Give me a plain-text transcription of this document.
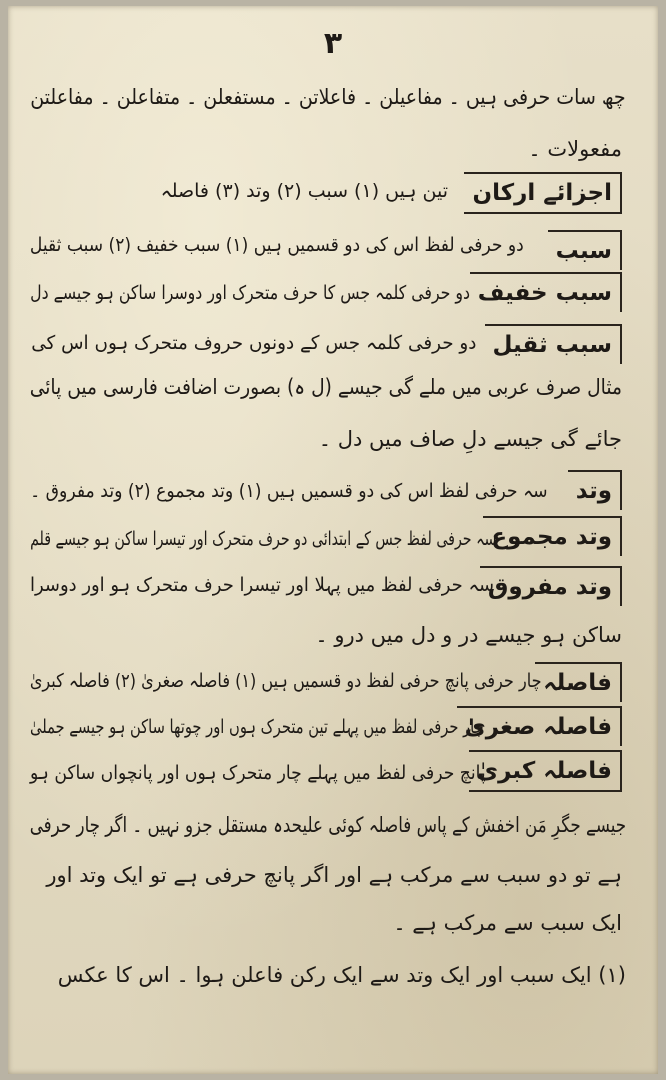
۳
چھ سات حرفی ہیں ۔ مفاعیلن ۔ فاعلاتن ۔ مستفعلن ۔ متفاعلن ۔ مفاعلتن
مفعولات ۔
اجزائے ارکان
تین ہیں (۱) سبب (۲) وتد (۳) فاصلہ
سبب
دو حرفی لفظ اس کی دو قسمیں ہیں (۱) سبب خفیف (۲) سبب ثقیل
سبب خفیف
دو حرفی کلمہ جس کا حرف متحرک اور دوسرا ساکن ہو جیسے دل
سبب ثقیل
دو حرفی کلمہ جس کے دونوں حروف متحرک ہوں اس کی
مثال صرف عربی میں ملے گی جیسے (ل ہ) بصورت اضافت فارسی میں پائی
جائے گی جیسے دلِ صاف میں دل ۔
وتد
سہ حرفی لفظ اس کی دو قسمیں ہیں (۱) وتد مجموع (۲) وتد مفروق ۔
وتد مجموع
سہ حرفی لفظ جس کے ابتدائی دو حرف متحرک اور تیسرا ساکن ہو جیسے قلم
وتد مفروق
سہ حرفی لفظ میں پہلا اور تیسرا حرف متحرک ہو اور دوسرا
ساکن ہو جیسے در و دل میں درو ۔
فاصلہ
چار حرفی پانچ حرفی لفظ دو قسمیں ہیں (۱) فاصلہ صغریٰ (۲) فاصلہ کبریٰ
فاصلہ صغریٰ
چار حرفی لفظ میں پہلے تین متحرک ہوں اور چوتھا ساکن ہو جیسے جملیٰ
فاصلہ کبریٰ
پانچ حرفی لفظ میں پہلے چار متحرک ہوں اور پانچواں ساکن ہو
جیسے جگرِ مَن اخفش کے پاس فاصلہ کوئی علیحدہ مستقل جزو نہیں ۔ اگر چار حرفی
ہے تو دو سبب سے مرکب ہے اور اگر پانچ حرفی ہے تو ایک وتد اور
ایک سبب سے مرکب ہے ۔
(۱) ایک سبب اور ایک وتد سے ایک رکن فاعلن ہوا ۔ اس کا عکس
